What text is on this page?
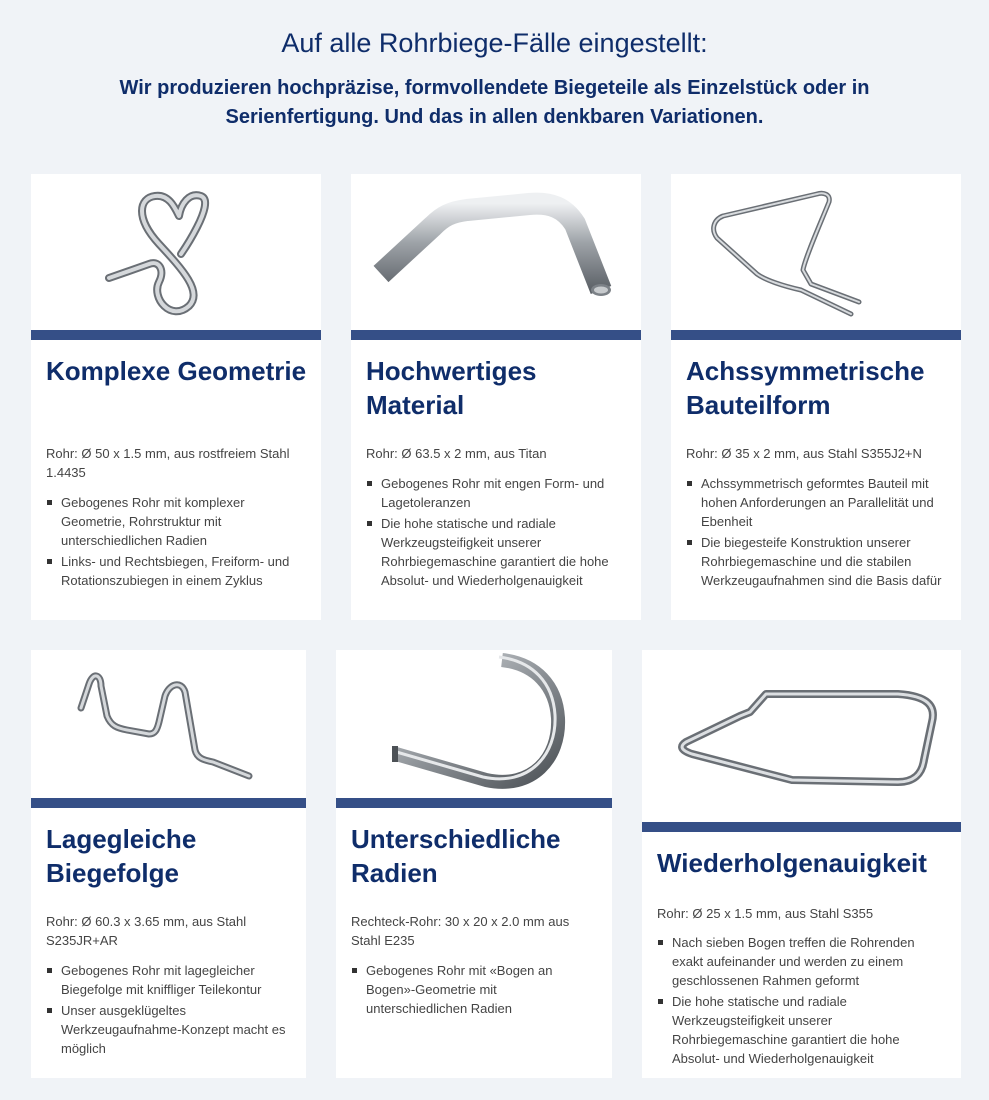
Auf alle Rohrbiege-Fälle eingestellt:

Wir produzieren hochpräzise, formvollendete Biegeteile als Einzelstück oder in Serienfertigung. Und das in allen denkbaren Variationen.

Komplexe Geometrie
Rohr: Ø 50 x 1.5 mm, aus rostfreiem Stahl 1.4435
Gebogenes Rohr mit komplexer Geometrie, Rohrstruktur mit unterschiedlichen Radien
Links- und Rechtsbiegen, Freiform- und Rotationszubiegen in einem Zyklus
Hochwertiges Material
Rohr: Ø 63.5 x 2 mm, aus Titan
Gebogenes Rohr mit engen Form- und Lagetoleranzen
Die hohe statische und radiale Werkzeugsteifigkeit unserer Rohrbiegemaschine garantiert die hohe Absolut- und Wiederholgenauigkeit
Achssymmetrische Bauteilform
Rohr: Ø 35 x 2 mm, aus Stahl S355J2+N
Achssymmetrisch geformtes Bauteil mit hohen Anforderungen an Parallelität und Ebenheit
Die biegesteife Konstruktion unserer Rohrbiegemaschine und die stabilen Werkzeugaufnahmen sind die Basis dafür
Lagegleiche Biegefolge
Rohr: Ø 60.3 x 3.65 mm, aus Stahl S235JR+AR
Gebogenes Rohr mit lagegleicher Biegefolge mit kniffliger Teilekontur
Unser ausgeklügeltes Werkzeugaufnahme-Konzept macht es möglich
Unterschiedliche Radien
Rechteck-Rohr: 30 x 20 x 2.0 mm aus Stahl E235
Gebogenes Rohr mit «Bogen an Bogen»-Geometrie mit unterschiedlichen Radien
Wiederholgenauigkeit
Rohr: Ø 25 x 1.5 mm, aus Stahl S355
Nach sieben Bogen treffen die Rohrenden exakt aufeinander und werden zu einem geschlossenen Rahmen geformt
Die hohe statische und radiale Werkzeugsteifigkeit unserer Rohrbiegemaschine garantiert die hohe Absolut- und Wiederholgenauigkeit
